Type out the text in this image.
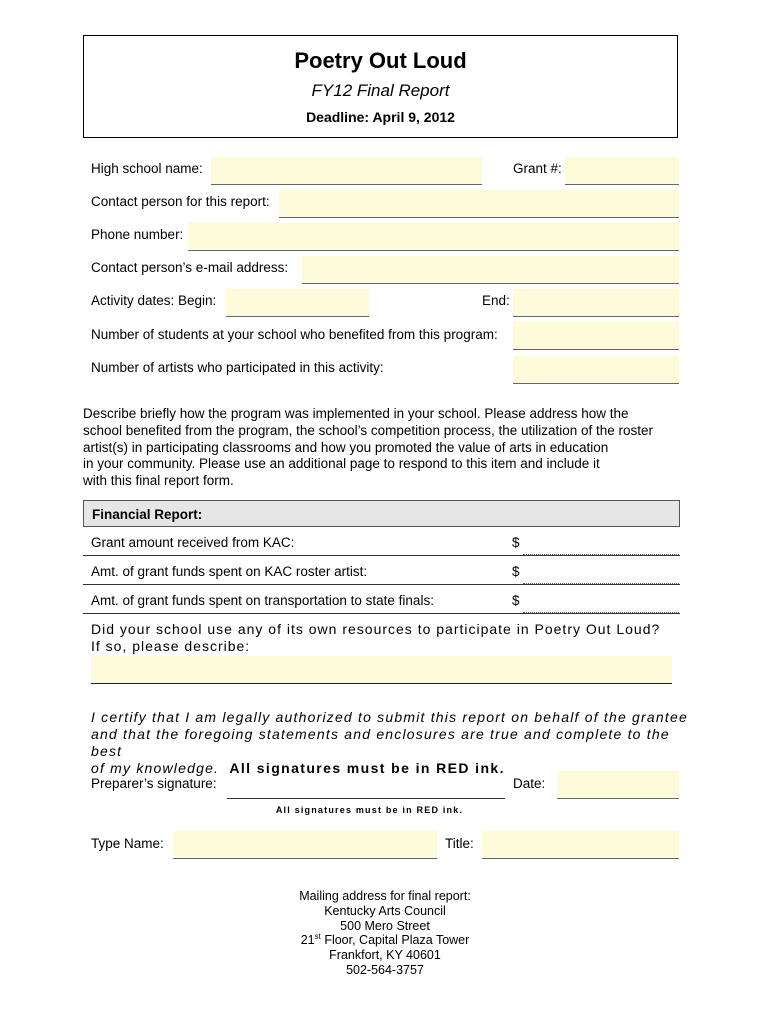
Poetry Out Loud
FY12 Final Report
Deadline: April 9, 2012
High school name:	Grant #:
Contact person for this report:
Phone number:
Contact person’s e-mail address:
Activity dates: Begin:	End:
Number of students at your school who benefited from this program:
Number of artists who participated in this activity:
Describe briefly how the program was implemented in your school. Please address how the
school benefited from the program, the school’s competition process, the utilization of the roster
artist(s) in participating classrooms and how you promoted the value of arts in education
in your community. Please use an additional page to respond to this item and include it
with this final report form.
Financial Report:
Grant amount received from KAC:	$
Amt. of grant funds spent on KAC roster artist:	$
Amt. of grant funds spent on transportation to state finals:	$
Did your school use any of its own resources to participate in Poetry Out Loud?
If so, please describe:
I certify that I am legally authorized to submit this report on behalf of the grantee
and that the foregoing statements and enclosures are true and complete to the best
of my knowledge. All signatures must be in RED ink.
Preparer’s signature:	Date:
All signatures must be in RED ink.
Type Name:	Title:
Mailing address for final report:
Kentucky Arts Council
500 Mero Street
21st Floor, Capital Plaza Tower
Frankfort, KY 40601
502-564-3757
